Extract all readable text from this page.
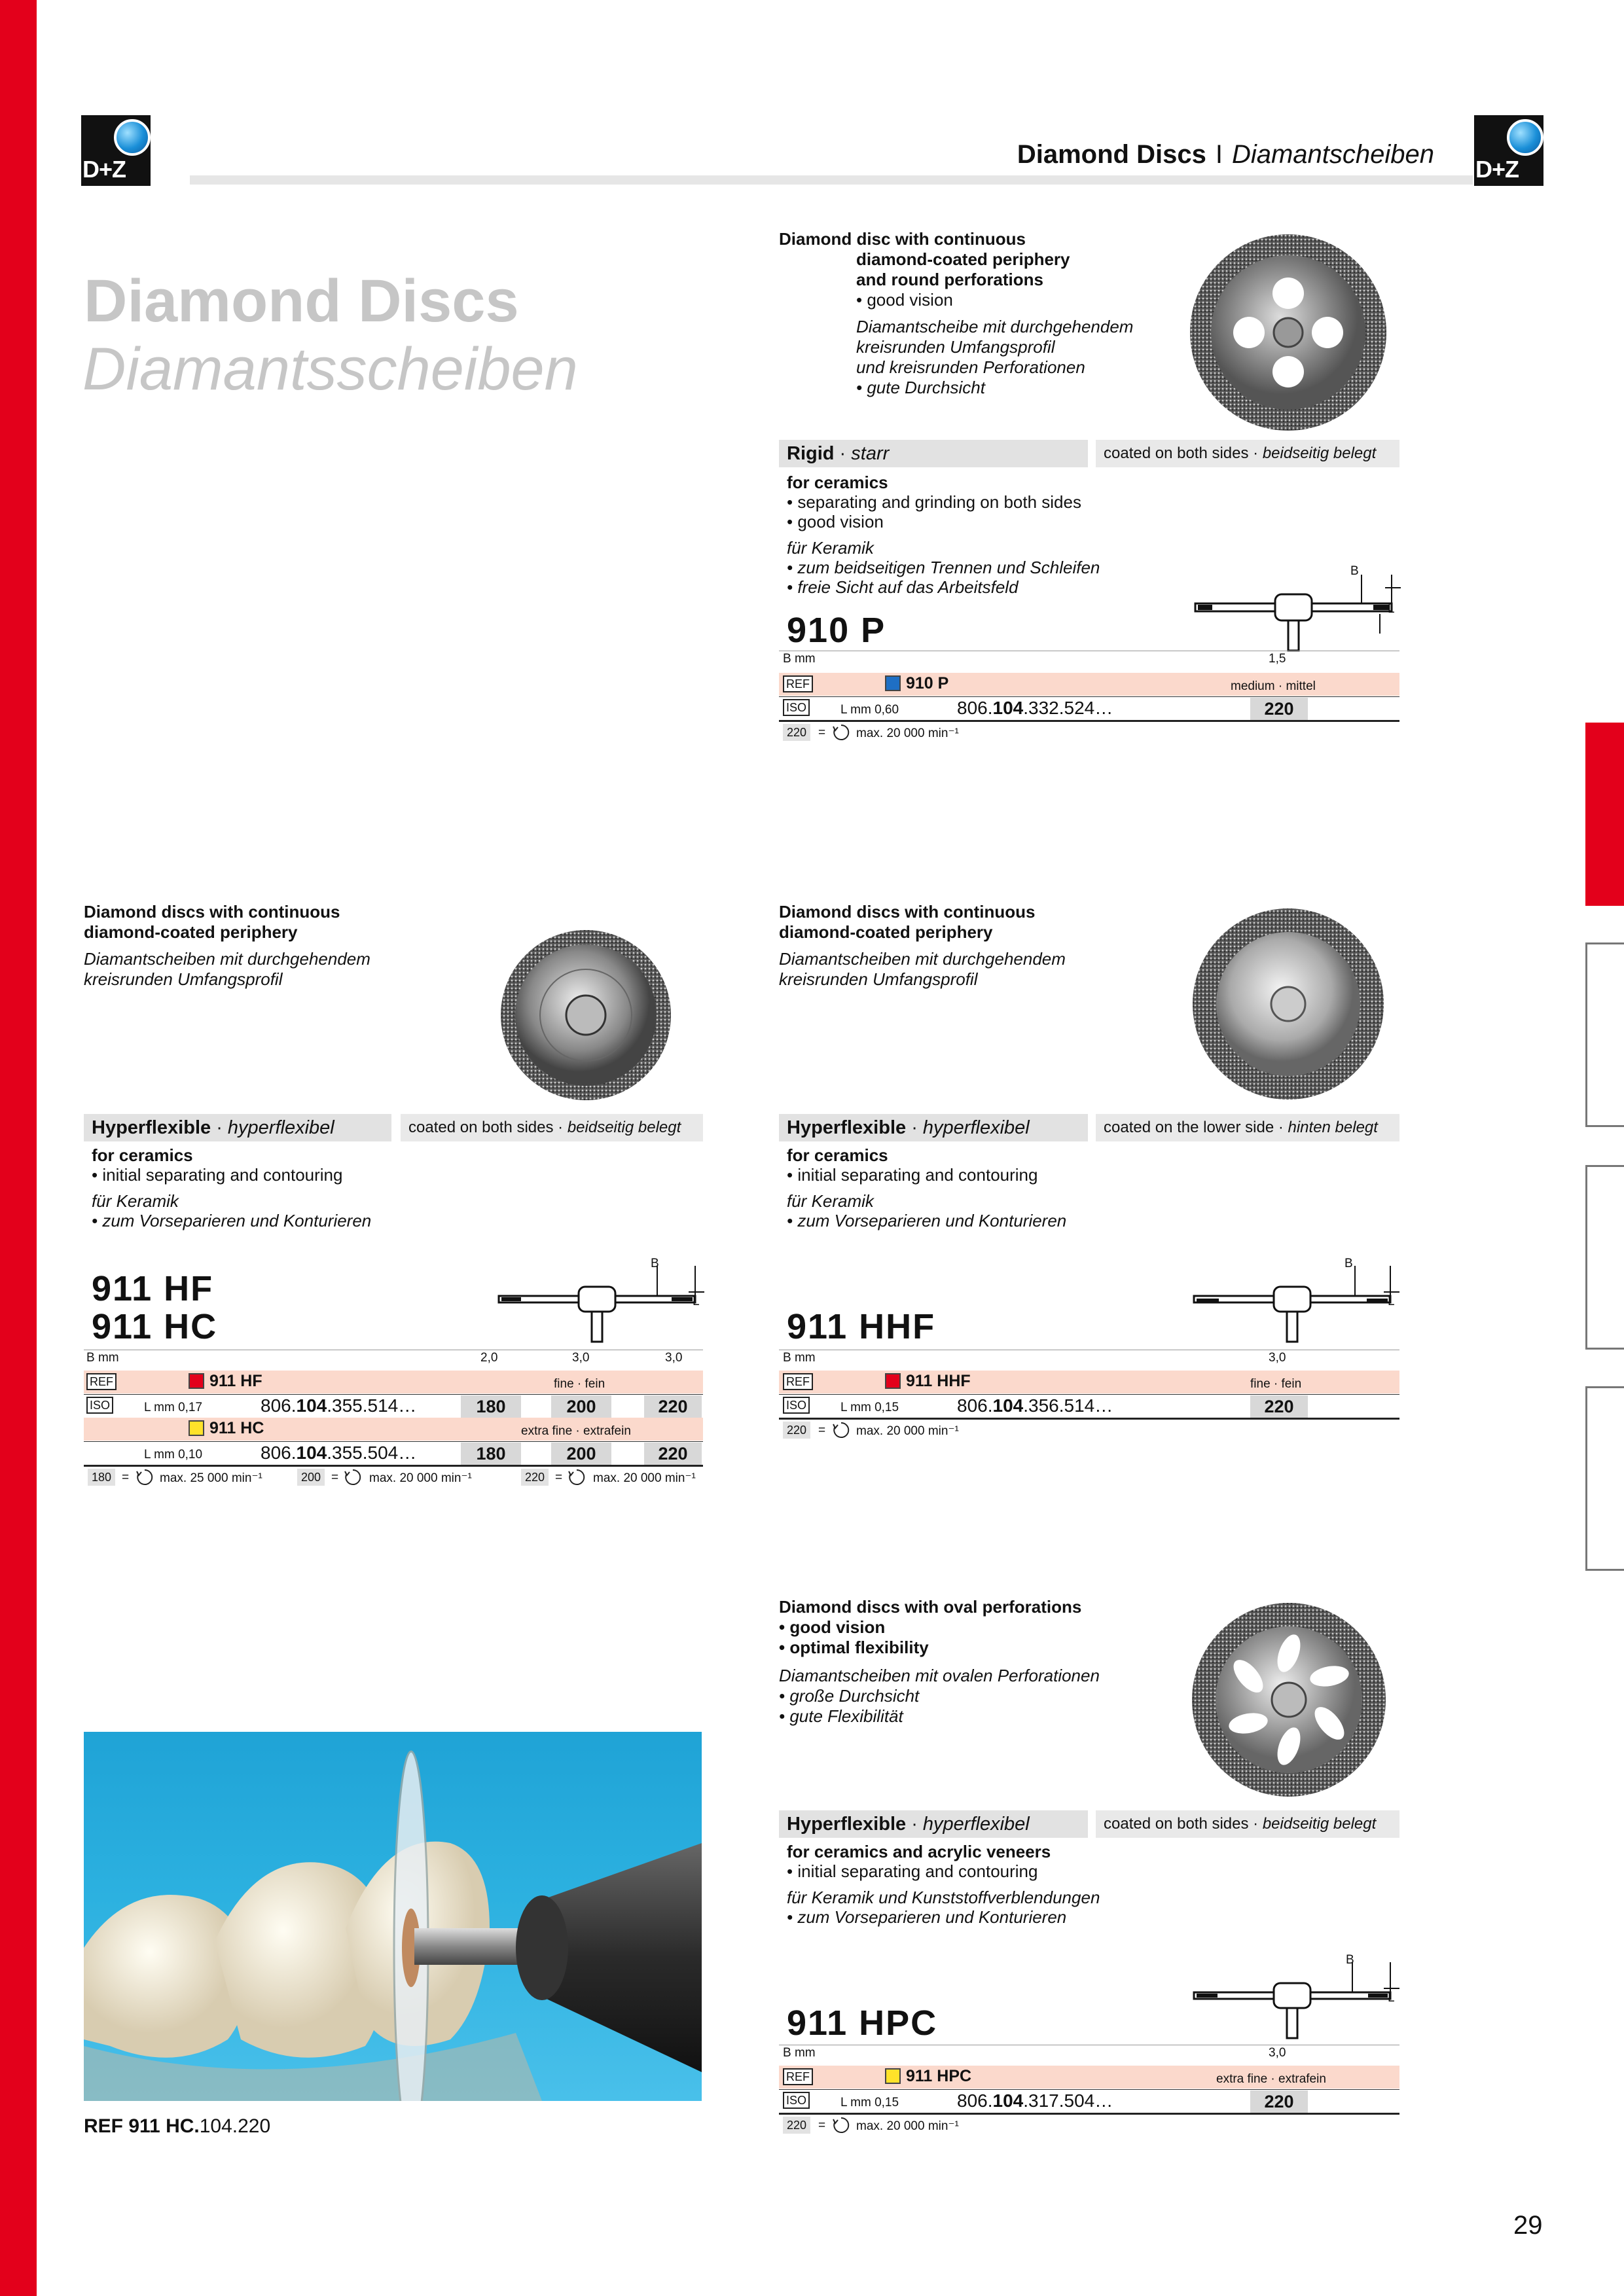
D+Z	D+Z
Diamond Discs I Diamantscheiben
Diamond Discs
Diamantsscheiben
Diamond disc with continuous
diamond-coated periphery
and round perforations
• good vision
Diamantscheibe mit durchgehendem
kreisrunden Umfangsprofil
und kreisrunden Perforationen
• gute Durchsicht
Rigid · starr	coated on both sides · beidseitig belegt
for ceramics
• separating and grinding on both sides
• good vision
für Keramik
• zum beidseitigen Trennen und Schleifen
• freie Sicht auf das Arbeitsfeld
B
L
910 P
B mm	1,5
REF	910 P	medium · mittel
ISO	L mm 0,60	806.104.332.524…	220
220 = max. 20 000 min⁻¹
Diamond discs with continuous
diamond-coated periphery
Diamantscheiben mit durchgehendem
kreisrunden Umfangsprofil
Hyperflexible · hyperflexibel	coated on both sides · beidseitig belegt
for ceramics
• initial separating and contouring
für Keramik
• zum Vorseparieren und Konturieren
B
L
911 HF
911 HC
B mm	2,0	3,0	3,0
REF	911 HF	fine · fein
ISO	L mm 0,17	806.104.355.514…	180	200	220
911 HC	extra fine · extrafein
L mm 0,10	806.104.355.504…	180	200	220
180 = max. 25 000 min⁻¹	200 = max. 20 000 min⁻¹	220 = max. 20 000 min⁻¹
Diamond discs with continuous
diamond-coated periphery
Diamantscheiben mit durchgehendem
kreisrunden Umfangsprofil
Hyperflexible · hyperflexibel	coated on the lower side · hinten belegt
for ceramics
• initial separating and contouring
für Keramik
• zum Vorseparieren und Konturieren
B
L
911 HHF
B mm	3,0
REF	911 HHF	fine · fein
ISO	L mm 0,15	806.104.356.514…	220
220 = max. 20 000 min⁻¹
Diamond discs with oval perforations
• good vision
• optimal flexibility
Diamantscheiben mit ovalen Perforationen
• große Durchsicht
• gute Flexibilität
Hyperflexible · hyperflexibel	coated on both sides · beidseitig belegt
for ceramics and acrylic veneers
• initial separating and contouring
für Keramik und Kunststoffverblendungen
• zum Vorseparieren und Konturieren
B
L
911 HPC
B mm	3,0
REF	911 HPC	extra fine · extrafein
ISO	L mm 0,15	806.104.317.504…	220
220 = max. 20 000 min⁻¹
REF 911 HC.104.220
29
